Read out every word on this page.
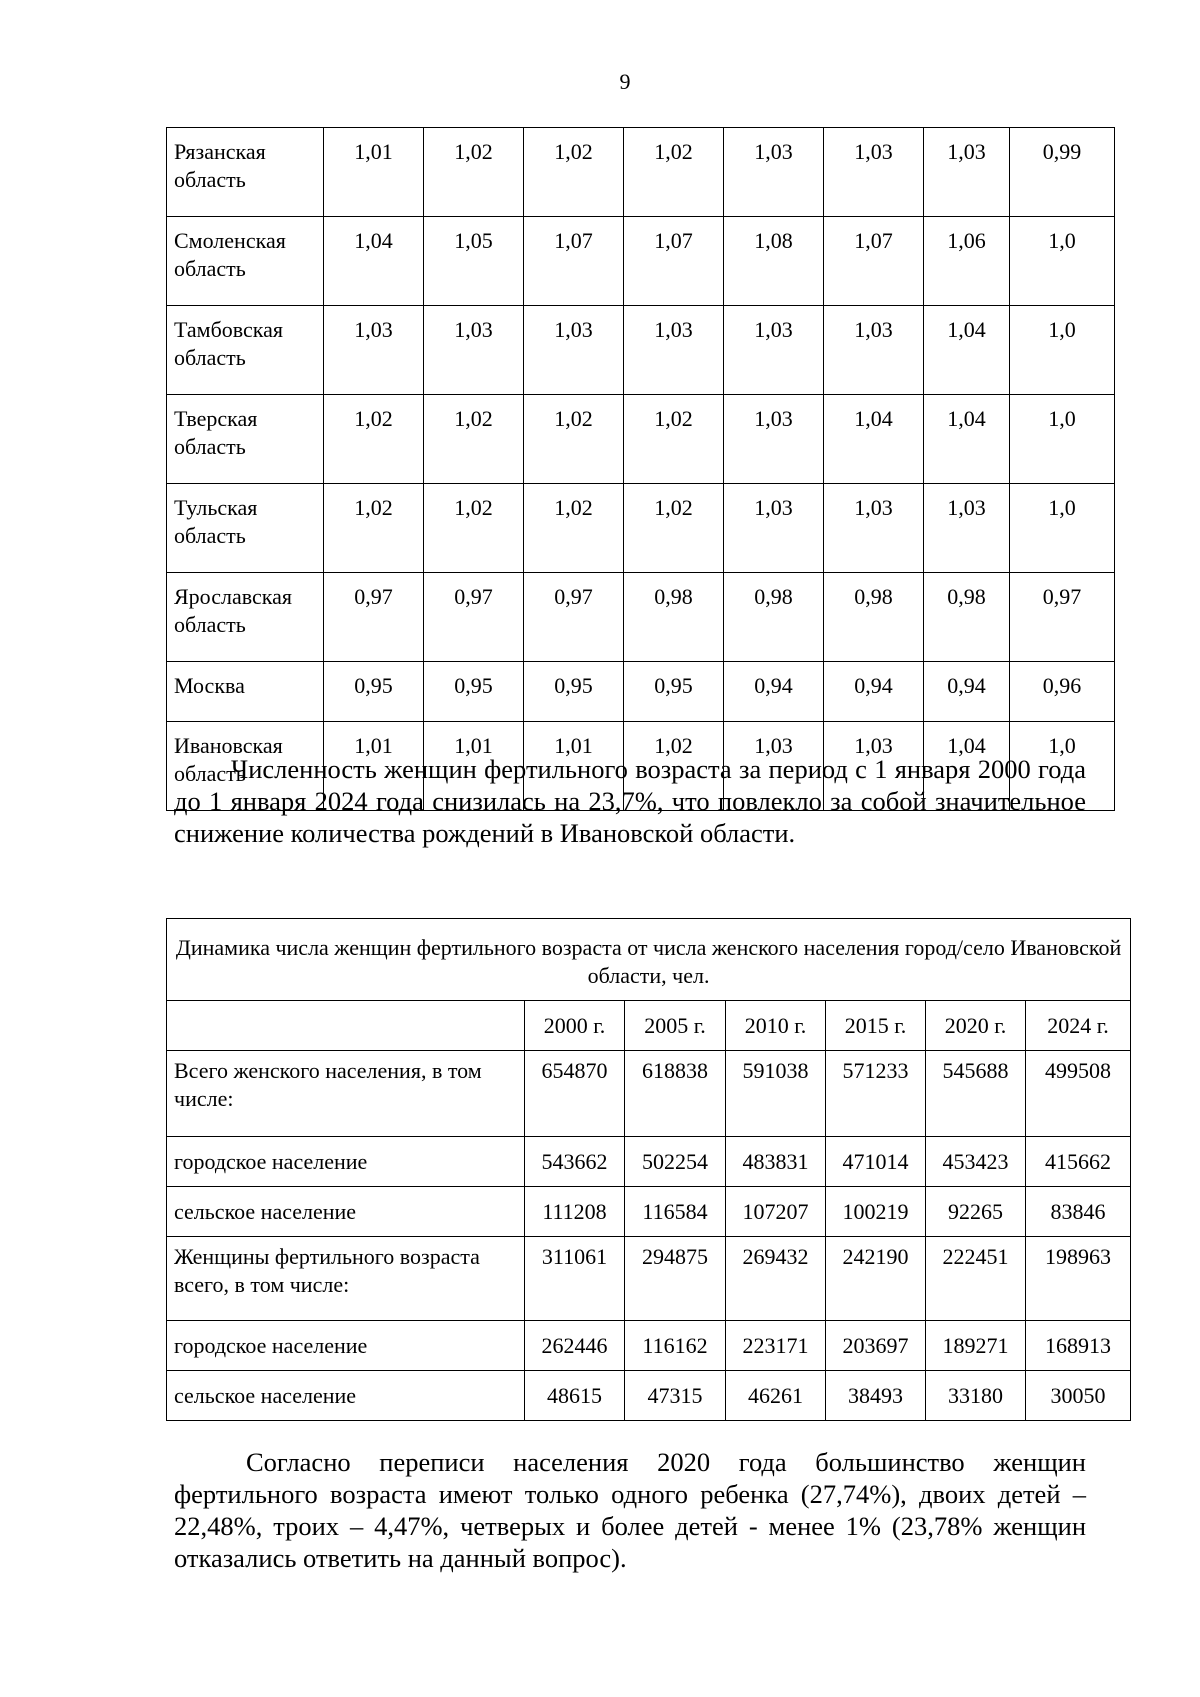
9
Рязанская
область	1,01	1,02	1,02	1,02	1,03	1,03	1,03	0,99

Смоленская
область	1,04	1,05	1,07	1,07	1,08	1,07	1,06	1,0

Тамбовская
область	1,03	1,03	1,03	1,03	1,03	1,03	1,04	1,0

Тверская
область	1,02	1,02	1,02	1,02	1,03	1,04	1,04	1,0

Тульская
область	1,02	1,02	1,02	1,02	1,03	1,03	1,03	1,0

Ярославская
область	0,97	0,97	0,97	0,98	0,98	0,98	0,98	0,97

Москва	0,95	0,95	0,95	0,95	0,94	0,94	0,94	0,96

Ивановская
область	1,01	1,01	1,01	1,02	1,03	1,03	1,04	1,0

Численность женщин фертильного возраста за период с 1 января 2000 года до 1 января 2024 года снизилась на 23,7%, что повлекло за собой значительное снижение количества рождений в Ивановской области.

Динамика числа женщин фертильного возраста от числа женского населения город/село Ивановской области, чел.						
	2000 г.	2005 г.	2010 г.	2015 г.	2020 г.	2024 г.
Всего женского населения, в том числе:	654870	618838	591038	571233	545688	499508
городское население	543662	502254	483831	471014	453423	415662
сельское население	111208	116584	107207	100219	92265	83846
Женщины фертильного возраста всего, в том числе:	311061	294875	269432	242190	222451	198963
городское население	262446	116162	223171	203697	189271	168913
сельское население	48615	47315	46261	38493	33180	30050

Согласно переписи населения 2020 года большинство женщин фертильного возраста имеют только одного ребенка (27,74%), двоих детей – 22,48%, троих – 4,47%, четверых и более детей - менее 1% (23,78% женщин отказались ответить на данный вопрос).
